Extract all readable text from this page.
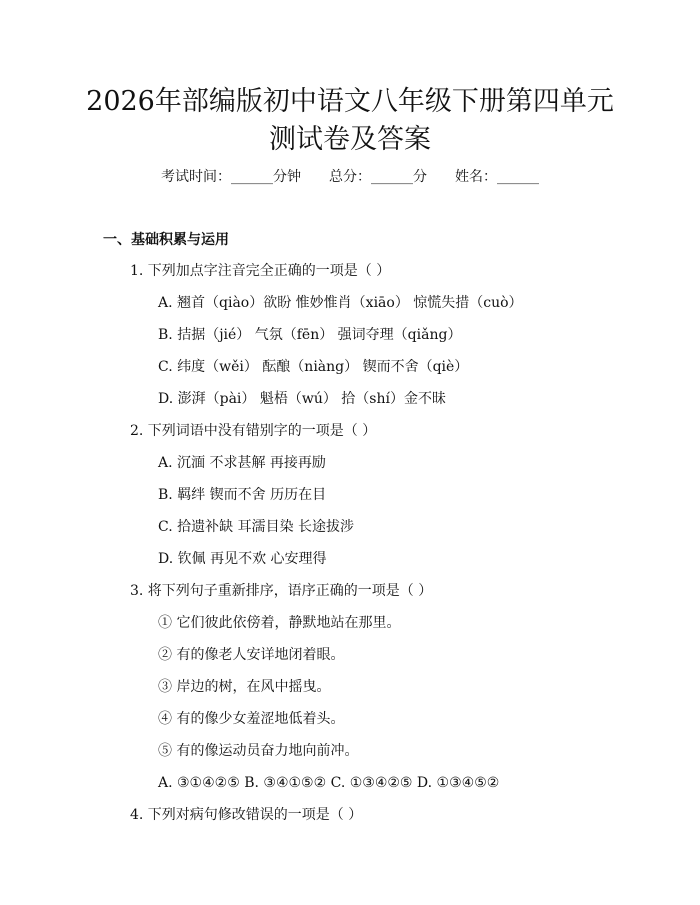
2026年部编版初中语文八年级下册第四单元
测试卷及答案
考试时间：______分钟 总分：______分 姓名：______
一、基础积累与运用
1. 下列加点字注音完全正确的一项是（ ）
A. 翘首（qiào）欲盼 惟妙惟肖（xiāo） 惊慌失措（cuò）
B. 拮据（jié） 气氛（fēn） 强词夺理（qiǎng）
C. 纬度（wěi） 酝酿（niàng） 锲而不舍（qiè）
D. 澎湃（pài） 魁梧（wú） 拾（shí）金不昧
2. 下列词语中没有错别字的一项是（ ）
A. 沉湎 不求甚解 再接再励
B. 羁绊 锲而不舍 历历在目
C. 拾遗补缺 耳濡目染 长途拔涉
D. 钦佩 再见不欢 心安理得
3. 将下列句子重新排序，语序正确的一项是（ ）
① 它们彼此依傍着，静默地站在那里。
② 有的像老人安详地闭着眼。
③ 岸边的树，在风中摇曳。
④ 有的像少女羞涩地低着头。
⑤ 有的像运动员奋力地向前冲。
A. ③①④②⑤ B. ③④①⑤② C. ①③④②⑤ D. ①③④⑤②
4. 下列对病句修改错误的一项是（ ）
